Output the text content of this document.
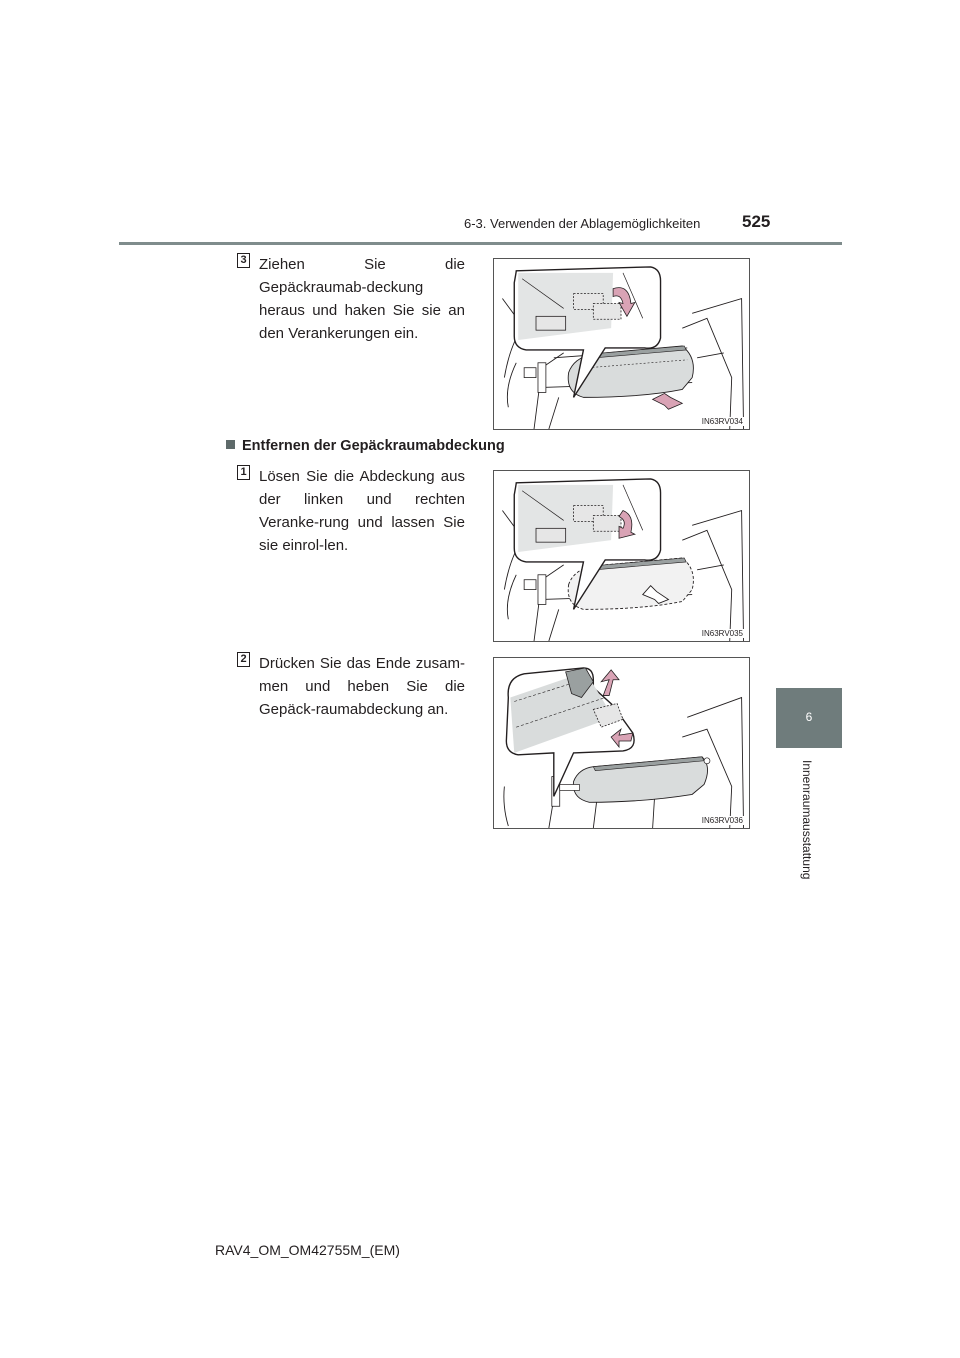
6-3. Verwenden der Ablagemöglichkeiten 525
6
Innenraumausstattung
3 Ziehen Sie die Gepäckraumab-deckung heraus und haken Sie sie an den Verankerungen ein.
IN63RV034
Entfernen der Gepäckraumabdeckung
1 Lösen Sie die Abdeckung aus der linken und rechten Veranke-rung und lassen Sie sie einrol-len.
IN63RV035
2 Drücken Sie das Ende zusam-men und heben Sie die Gepäck-raumabdeckung an.
IN63RV036
RAV4_OM_OM42755M_(EM)
